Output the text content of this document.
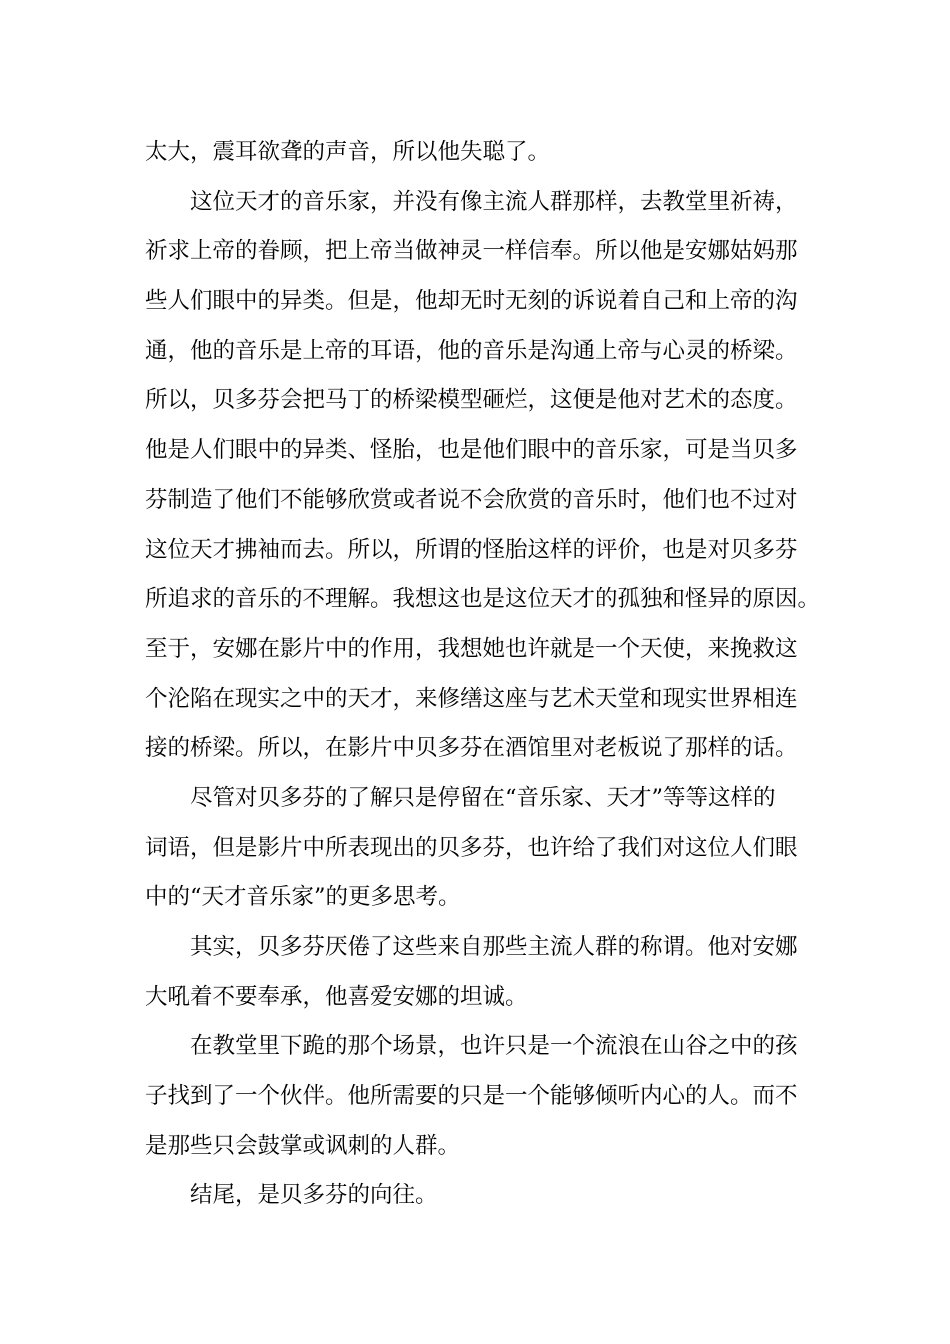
太大，震耳欲聋的声音，所以他失聪了。
这位天才的音乐家，并没有像主流人群那样，去教堂里祈祷，
祈求上帝的眷顾，把上帝当做神灵一样信奉。所以他是安娜姑妈那
些人们眼中的异类。但是，他却无时无刻的诉说着自己和上帝的沟
通，他的音乐是上帝的耳语，他的音乐是沟通上帝与心灵的桥梁。
所以，贝多芬会把马丁的桥梁模型砸烂，这便是他对艺术的态度。
他是人们眼中的异类、怪胎，也是他们眼中的音乐家，可是当贝多
芬制造了他们不能够欣赏或者说不会欣赏的音乐时，他们也不过对
这位天才拂袖而去。所以，所谓的怪胎这样的评价，也是对贝多芬
所追求的音乐的不理解。我想这也是这位天才的孤独和怪异的原因。
至于，安娜在影片中的作用，我想她也许就是一个天使，来挽救这
个沦陷在现实之中的天才，来修缮这座与艺术天堂和现实世界相连
接的桥梁。所以，在影片中贝多芬在酒馆里对老板说了那样的话。
尽管对贝多芬的了解只是停留在“音乐家、天才”等等这样的
词语，但是影片中所表现出的贝多芬，也许给了我们对这位人们眼
中的“天才音乐家”的更多思考。
其实，贝多芬厌倦了这些来自那些主流人群的称谓。他对安娜
大吼着不要奉承，他喜爱安娜的坦诚。
在教堂里下跪的那个场景，也许只是一个流浪在山谷之中的孩
子找到了一个伙伴。他所需要的只是一个能够倾听内心的人。而不
是那些只会鼓掌或讽刺的人群。
结尾，是贝多芬的向往。
